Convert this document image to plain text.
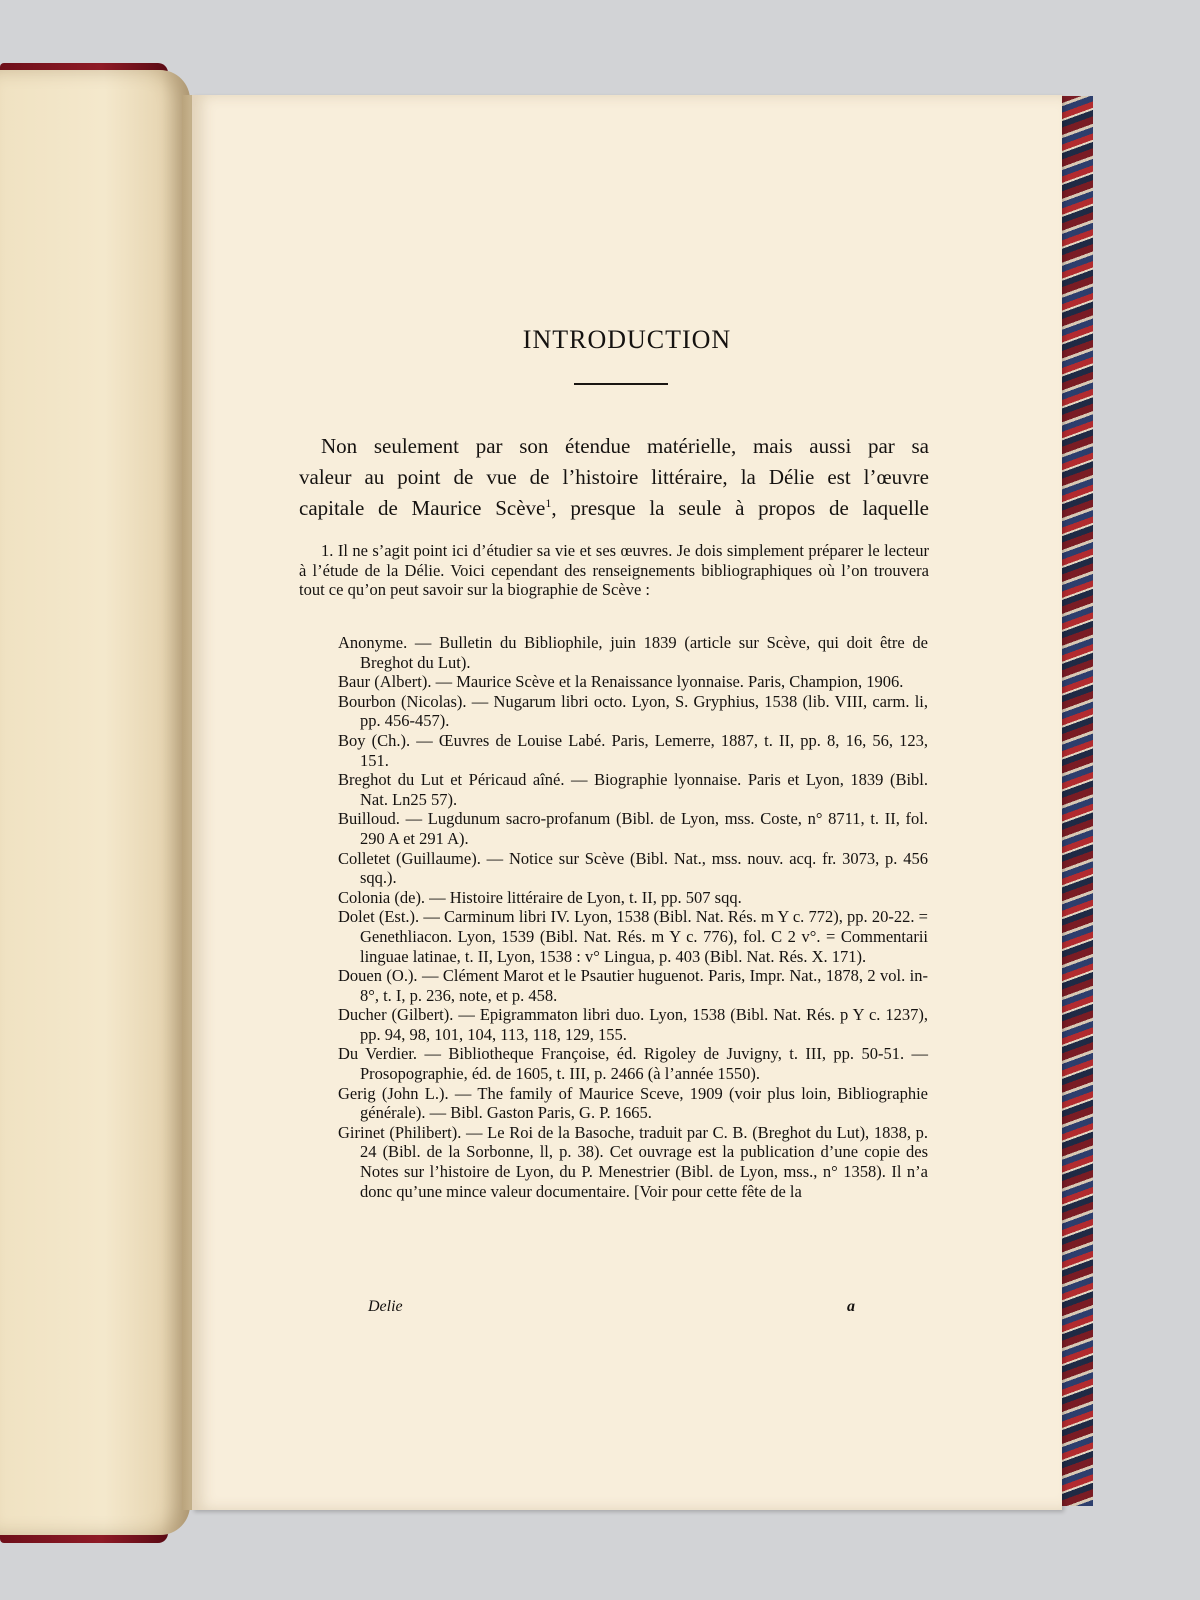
INTRODUCTION

Non seulement par son étendue matérielle, mais aussi par sa
valeur au point de vue de l’histoire littéraire, la Délie est l’œuvre
capitale de Maurice Scève$^1$, presque la seule à propos de laquelle

1. Il ne s’agit point ici d’étudier sa vie et ses œuvres. Je dois simplement préparer le lecteur à l’étude de la Délie. Voici cependant des renseignements bibliographiques où l’on trouvera tout ce qu’on peut savoir sur la biographie de Scève :

Anonyme. — Bulletin du Bibliophile, juin 1839 (article sur Scève, qui doit être de Breghot du Lut).
Baur (Albert). — Maurice Scève et la Renaissance lyonnaise. Paris, Champion, 1906.
Bourbon (Nicolas). — Nugarum libri octo. Lyon, S. Gryphius, 1538 (lib. VIII, carm. li, pp. 456-457).
Boy (Ch.). — Œuvres de Louise Labé. Paris, Lemerre, 1887, t. II, pp. 8, 16, 56, 123, 151.
Breghot du Lut et Péricaud aîné. — Biographie lyonnaise. Paris et Lyon, 1839 (Bibl. Nat. Ln25 57).
Builloud. — Lugdunum sacro-profanum (Bibl. de Lyon, mss. Coste, n° 8711, t. II, fol. 290 A et 291 A).
Colletet (Guillaume). — Notice sur Scève (Bibl. Nat., mss. nouv. acq. fr. 3073, p. 456 sqq.).
Colonia (de). — Histoire littéraire de Lyon, t. II, pp. 507 sqq.
Dolet (Est.). — Carminum libri IV. Lyon, 1538 (Bibl. Nat. Rés. m Y c. 772), pp. 20-22. = Genethliacon. Lyon, 1539 (Bibl. Nat. Rés. m Y c. 776), fol. C 2 v°. = Commentarii linguae latinae, t. II, Lyon, 1538 : v° Lingua, p. 403 (Bibl. Nat. Rés. X. 171).
Douen (O.). — Clément Marot et le Psautier huguenot. Paris, Impr. Nat., 1878, 2 vol. in-8°, t. I, p. 236, note, et p. 458.
Ducher (Gilbert). — Epigrammaton libri duo. Lyon, 1538 (Bibl. Nat. Rés. p Y c. 1237), pp. 94, 98, 101, 104, 113, 118, 129, 155.
Du Verdier. — Bibliotheque Françoise, éd. Rigoley de Juvigny, t. III, pp. 50-51. — Prosopographie, éd. de 1605, t. III, p. 2466 (à l’année 1550).
Gerig (John L.). — The family of Maurice Sceve, 1909 (voir plus loin, Bibliographie générale). — Bibl. Gaston Paris, G. P. 1665.
Girinet (Philibert). — Le Roi de la Basoche, traduit par C. B. (Breghot du Lut), 1838, p. 24 (Bibl. de la Sorbonne, ll, p. 38). Cet ouvrage est la publication d’une copie des Notes sur l’histoire de Lyon, du P. Menestrier (Bibl. de Lyon, mss., n° 1358). Il n’a donc qu’une mince valeur documentaire. [Voir pour cette fête de la
Delie	a
